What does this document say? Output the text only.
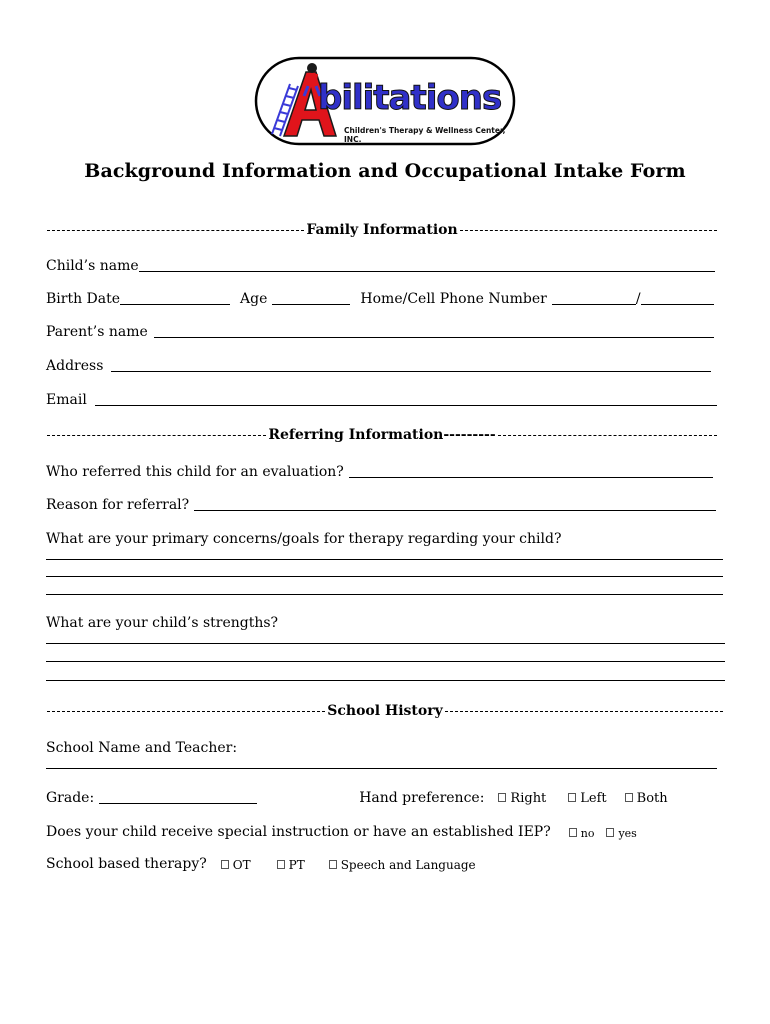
bilitations
Children's Therapy & Wellness Center, INC.
Background Information and Occupational Intake Form
Family Information
Child’s name
Birth Date	Age	Home/Cell Phone Number	/
Parent’s name
Address
Email
Referring Information---------
Who referred this child for an evaluation?
Reason for referral?
What are your primary concerns/goals for therapy regarding your child?
What are your child’s strengths?
School History
School Name and Teacher:
Grade:	Hand preference: Right	Left Both
Does your child receive special instruction or have an established IEP?	no yes
School based therapy? OT	PT	Speech and Language
